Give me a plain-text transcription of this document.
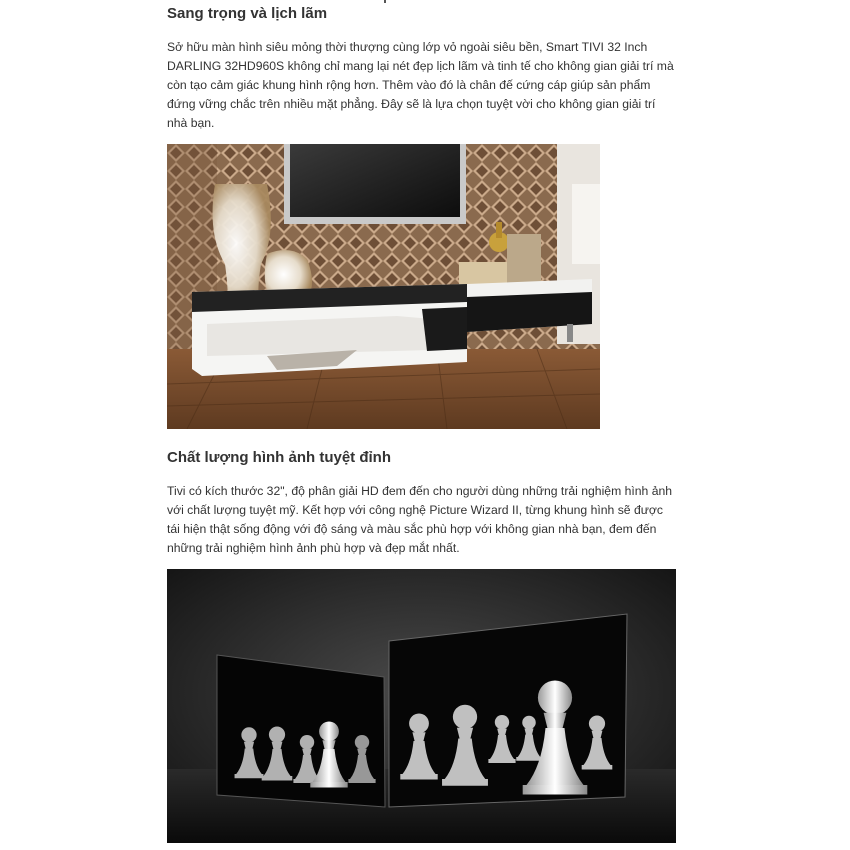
Sang trọng và lịch lãm

Sở hữu màn hình siêu mỏng thời thượng cùng lớp vỏ ngoài siêu bền, Smart TIVI 32 Inch DARLING 32HD960S không chỉ mang lại nét đẹp lịch lãm và tinh tế cho không gian giải trí mà còn tạo cảm giác khung hình rộng hơn. Thêm vào đó là chân đế cứng cáp giúp sản phẩm đứng vững chắc trên nhiều mặt phẳng. Đây sẽ là lựa chọn tuyệt vời cho không gian giải trí nhà bạn.

Chất lượng hình ảnh tuyệt đỉnh

Tivi có kích thước 32", độ phân giải HD đem đến cho người dùng những trải nghiệm hình ảnh với chất lượng tuyệt mỹ. Kết hợp với công nghệ Picture Wizard II, từng khung hình sẽ được tái hiện thật sống động với độ sáng và màu sắc phù hợp với không gian nhà bạn, đem đến những trải nghiệm hình ảnh phù hợp và đẹp mắt nhất.
